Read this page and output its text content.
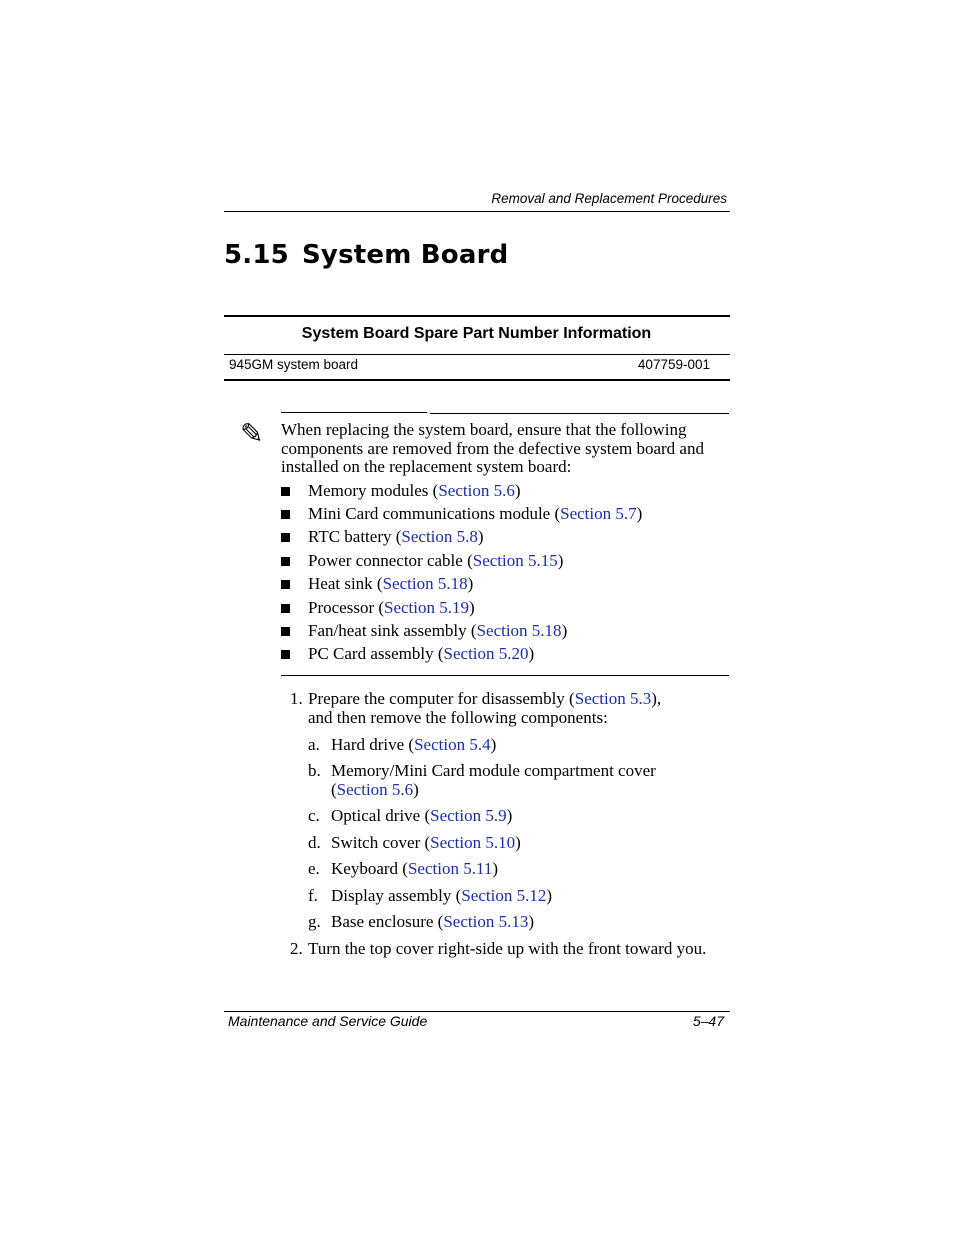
Removal and Replacement Procedures
5.15 System Board
System Board Spare Part Number Information
945GM system board	407759-001
✎ When replacing the system board, ensure that the following components are removed from the defective system board and installed on the replacement system board:
Memory modules (Section 5.6)
Mini Card communications module (Section 5.7)
RTC battery (Section 5.8)
Power connector cable (Section 5.15)
Heat sink (Section 5.18)
Processor (Section 5.19)
Fan/heat sink assembly (Section 5.18)
PC Card assembly (Section 5.20)
1. Prepare the computer for disassembly (Section 5.3),
and then remove the following components:
a. Hard drive (Section 5.4)
b. Memory/Mini Card module compartment cover
(Section 5.6)
c. Optical drive (Section 5.9)
d. Switch cover (Section 5.10)
e. Keyboard (Section 5.11)
f. Display assembly (Section 5.12)
g. Base enclosure (Section 5.13)
2. Turn the top cover right-side up with the front toward you.
Maintenance and Service Guide	5–47
